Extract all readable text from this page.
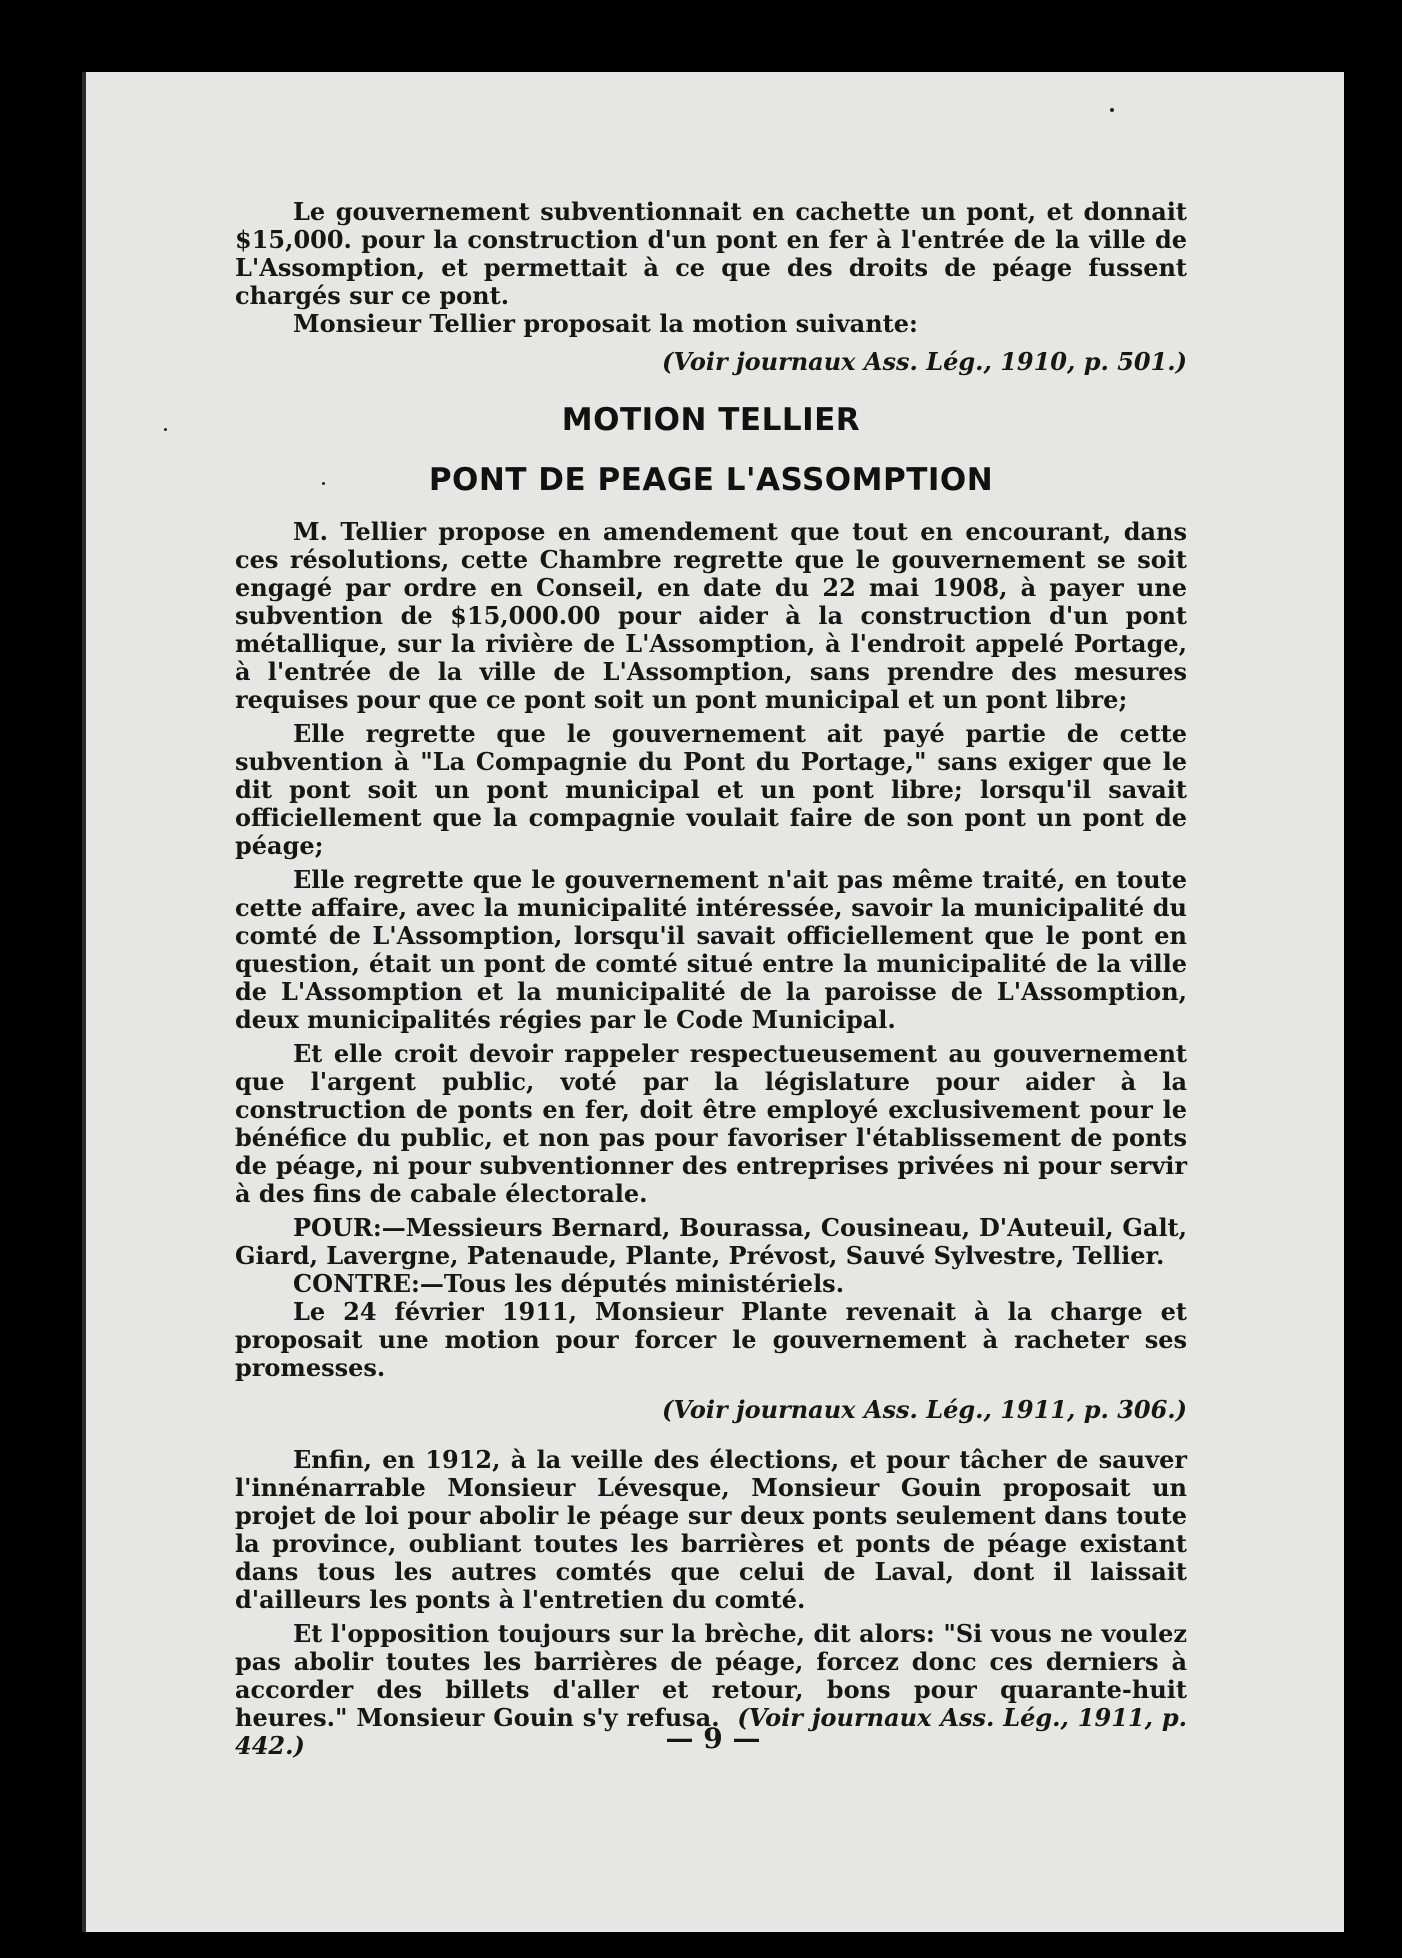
Le gouvernement subventionnait en cachette un pont, et donnait $15,000. pour la construction d'un pont en fer à l'entrée de la ville de L'Assomption, et permettait à ce que des droits de péage fussent chargés sur ce pont.

Monsieur Tellier proposait la motion suivante:

(Voir journaux Ass. Lég., 1910, p. 501.)
MOTION TELLIER
PONT DE PEAGE L'ASSOMPTION

M. Tellier propose en amendement que tout en encourant, dans ces résolutions, cette Chambre regrette que le gouvernement se soit engagé par ordre en Conseil, en date du 22 mai 1908, à payer une subvention de $15,000.00 pour aider à la construction d'un pont métallique, sur la rivière de L'Assomption, à l'endroit appelé Portage, à l'entrée de la ville de L'Assomption, sans prendre des mesures requises pour que ce pont soit un pont municipal et un pont libre;

Elle regrette que le gouvernement ait payé partie de cette subvention à "La Compagnie du Pont du Portage," sans exiger que le dit pont soit un pont municipal et un pont libre; lorsqu'il savait officiellement que la compagnie voulait faire de son pont un pont de péage;

Elle regrette que le gouvernement n'ait pas même traité, en toute cette affaire, avec la municipalité intéressée, savoir la municipalité du comté de L'Assomption, lorsqu'il savait officiellement que le pont en question, était un pont de comté situé entre la municipalité de la ville de L'Assomption et la municipalité de la paroisse de L'Assomption, deux municipalités régies par le Code Municipal.

Et elle croit devoir rappeler respectueusement au gouvernement que l'argent public, voté par la législature pour aider à la construction de ponts en fer, doit être employé exclusivement pour le bénéfice du public, et non pas pour favoriser l'établissement de ponts de péage, ni pour subventionner des entreprises privées ni pour servir à des fins de cabale électorale.

POUR:—Messieurs Bernard, Bourassa, Cousineau, D'Auteuil, Galt, Giard, Lavergne, Patenaude, Plante, Prévost, Sauvé Sylvestre, Tellier.

CONTRE:—Tous les députés ministériels.

Le 24 février 1911, Monsieur Plante revenait à la charge et proposait une motion pour forcer le gouvernement à racheter ses promesses.

(Voir journaux Ass. Lég., 1911, p. 306.)

Enfin, en 1912, à la veille des élections, et pour tâcher de sauver l'innénarrable Monsieur Lévesque, Monsieur Gouin proposait un projet de loi pour abolir le péage sur deux ponts seulement dans toute la province, oubliant toutes les barrières et ponts de péage existant dans tous les autres comtés que celui de Laval, dont il laissait d'ailleurs les ponts à l'entretien du comté.

Et l'opposition toujours sur la brèche, dit alors: "Si vous ne voulez pas abolir toutes les barrières de péage, forcez donc ces derniers à accorder des billets d'aller et retour, bons pour quarante-huit heures." Monsieur Gouin s'y refusa. (Voir journaux Ass. Lég., 1911, p. 442.)	— 9 —
